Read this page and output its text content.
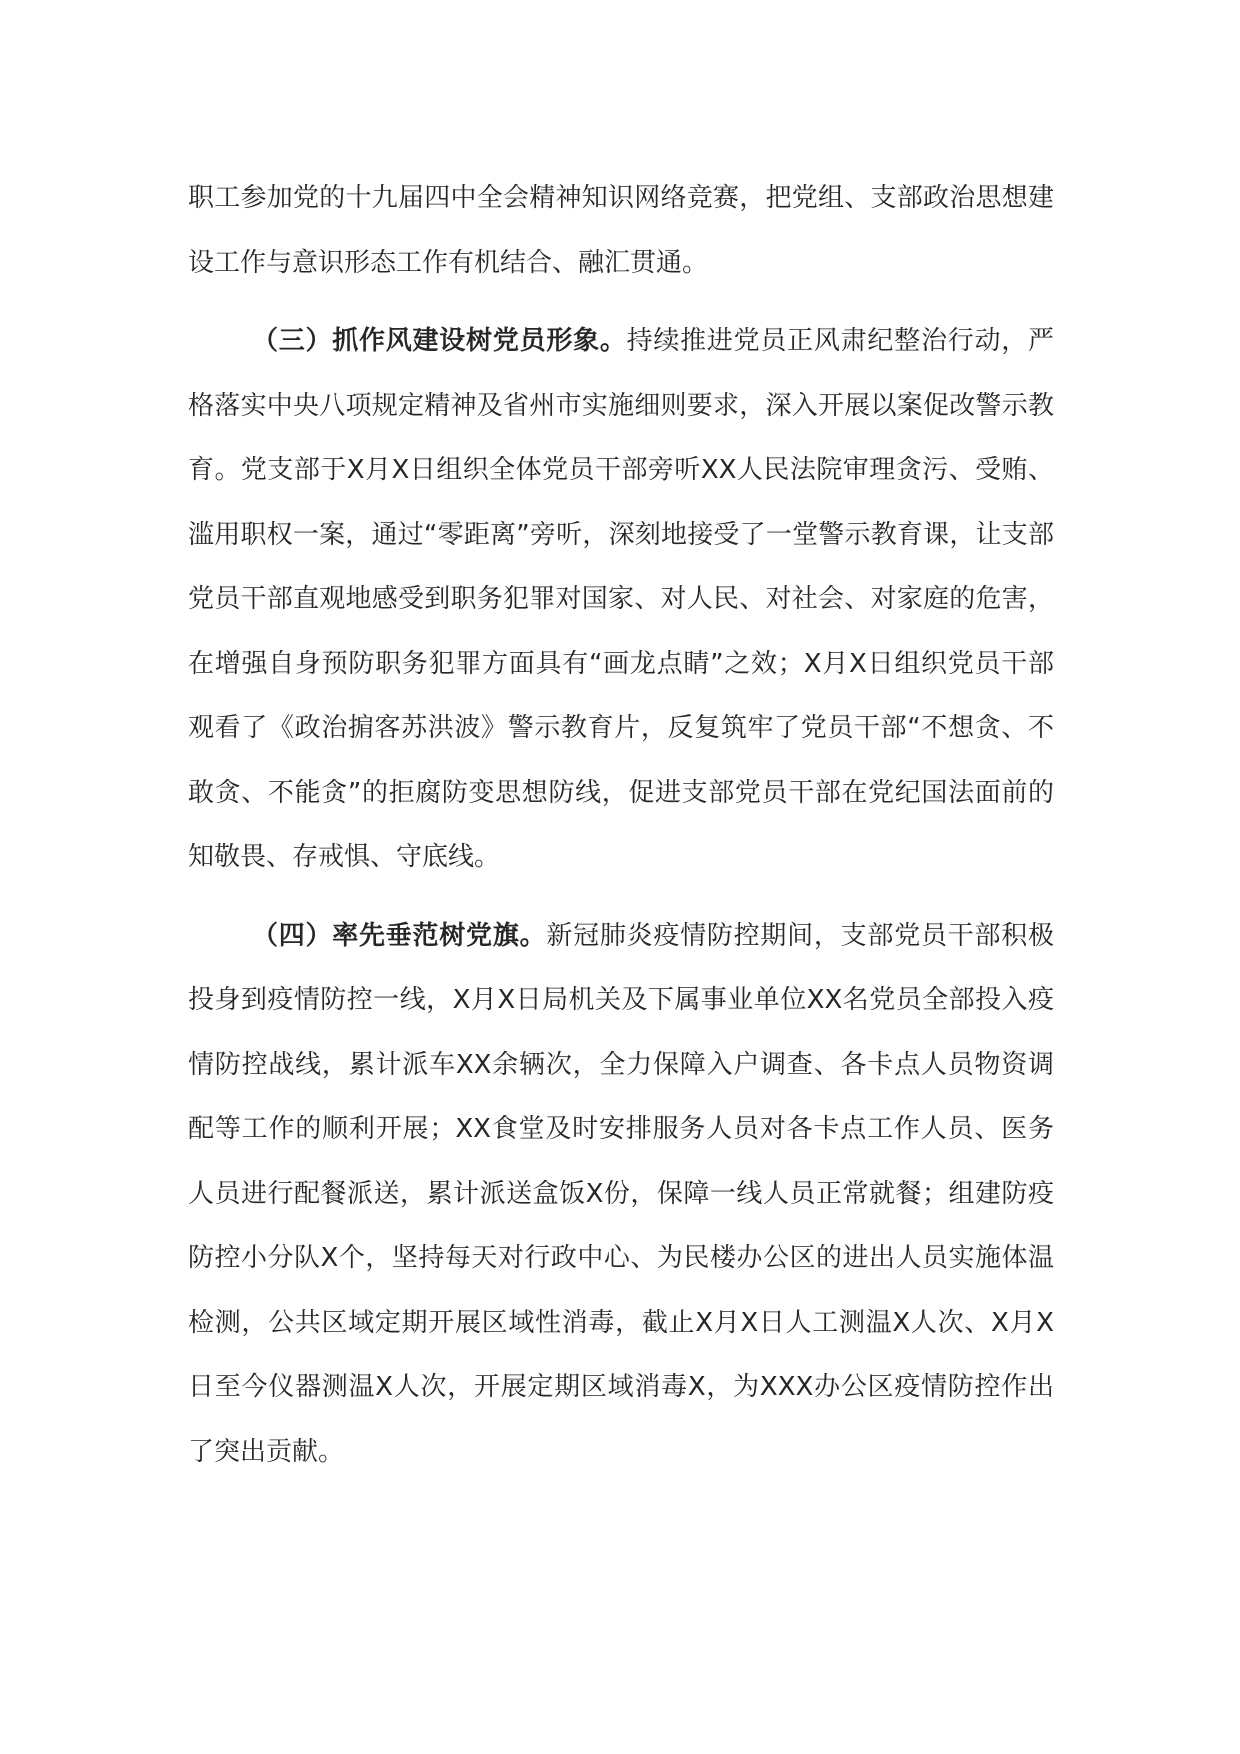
职工参加党的十九届四中全会精神知识网络竞赛，把党组、支部政治思想建设工作与意识形态工作有机结合、融汇贯通。

（三）抓作风建设树党员形象。持续推进党员正风肃纪整治行动，严格落实中央八项规定精神及省州市实施细则要求，深入开展以案促改警示教育。党支部于X月X日组织全体党员干部旁听XX人民法院审理贪污、受贿、滥用职权一案，通过“零距离”旁听，深刻地接受了一堂警示教育课，让支部党员干部直观地感受到职务犯罪对国家、对人民、对社会、对家庭的危害，在增强自身预防职务犯罪方面具有“画龙点睛”之效；X月X日组织党员干部观看了《政治掮客苏洪波》警示教育片，反复筑牢了党员干部“不想贪、不敢贪、不能贪”的拒腐防变思想防线，促进支部党员干部在党纪国法面前的知敬畏、存戒惧、守底线。

（四）率先垂范树党旗。新冠肺炎疫情防控期间，支部党员干部积极投身到疫情防控一线，X月X日局机关及下属事业单位XX名党员全部投入疫情防控战线，累计派车XX余辆次，全力保障入户调查、各卡点人员物资调配等工作的顺利开展；XX食堂及时安排服务人员对各卡点工作人员、医务人员进行配餐派送，累计派送盒饭X份，保障一线人员正常就餐；组建防疫防控小分队X个，坚持每天对行政中心、为民楼办公区的进出人员实施体温检测，公共区域定期开展区域性消毒，截止X月X日人工测温X人次、X月X日至今仪器测温X人次，开展定期区域消毒X，为XXX办公区疫情防控作出了突出贡献。
